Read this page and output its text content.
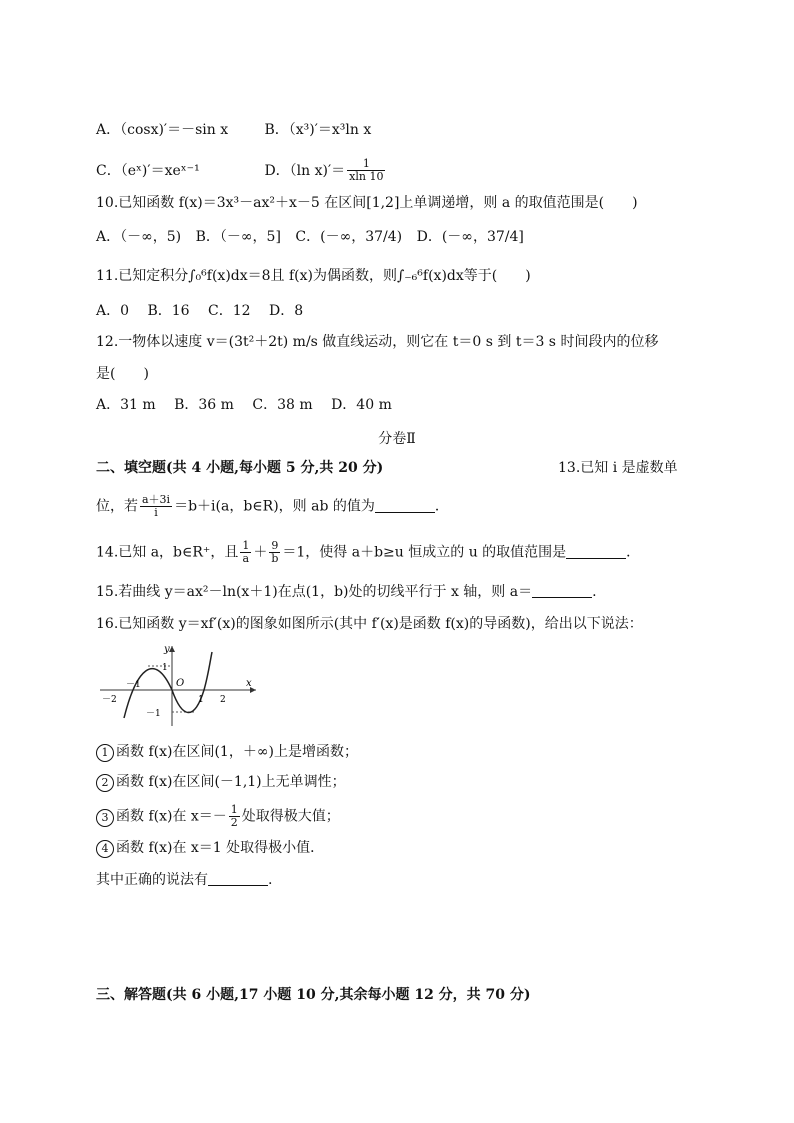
A．（cosx)′＝－sin x	B．（x³)′＝x³ln x
C．（eˣ)′＝xeˣ⁻¹	D．（ln $x)'= \frac{1}{xln 10}$
10.已知函数 f(x)＝3x³－ax²＋x－5 在区间[1,2]上单调递增，则 a 的取值范围是(　　)
A．（－∞，5) B．（－∞，5] C．(－∞，37/4) D．(－∞，37/4]
11.已知定积分∫₀⁶f(x)dx＝8且 f(x)为偶函数，则∫₋₆⁶f(x)dx等于(　　)
A．0　 B．16　 C．12　 D．8
12.一物体以速度 v＝(3t²＋2t) m/s 做直线运动，则它在 t＝0 s 到 t＝3 s 时间段内的位移
是(　　)
A．31 m　 B．36 m　 C．38 m　 D．40 m
分卷Ⅱ
二、填空题(共 4 小题,每小题 5 分,共 20 分)	13.已知 i 是虚数单
位，若 $\frac{a+3i}{i} =b+i(a$，b∈R)，则 ab 的值为	．
14.已知 a，b∈R⁺，且 $\frac{1}{a} + \frac{9}{b} =1$，使得 a＋b≥u 恒成立的 u 的取值范围是	．
15.若曲线 y＝ax²－ln(x＋1)在点(1，b)处的切线平行于 x 轴，则 a＝	.
16.已知函数 y＝xf′(x)的图象如图所示(其中 f′(x)是函数 f(x)的导函数)，给出以下说法：
y
x
O
1
－1
－2	1 2
－1
1 函数 f(x)在区间(1，＋∞)上是增函数；
2 函数 f(x)在区间(－1,1)上无单调性；
3 函数 f(x)在 $x=- \frac{1}{2}$ 处取得极大值；
4 函数 f(x)在 x＝1 处取得极小值．
其中正确的说法有	.
三、解答题(共 6 小题,17 小题 10 分,其余每小题 12 分，共 70 分)
